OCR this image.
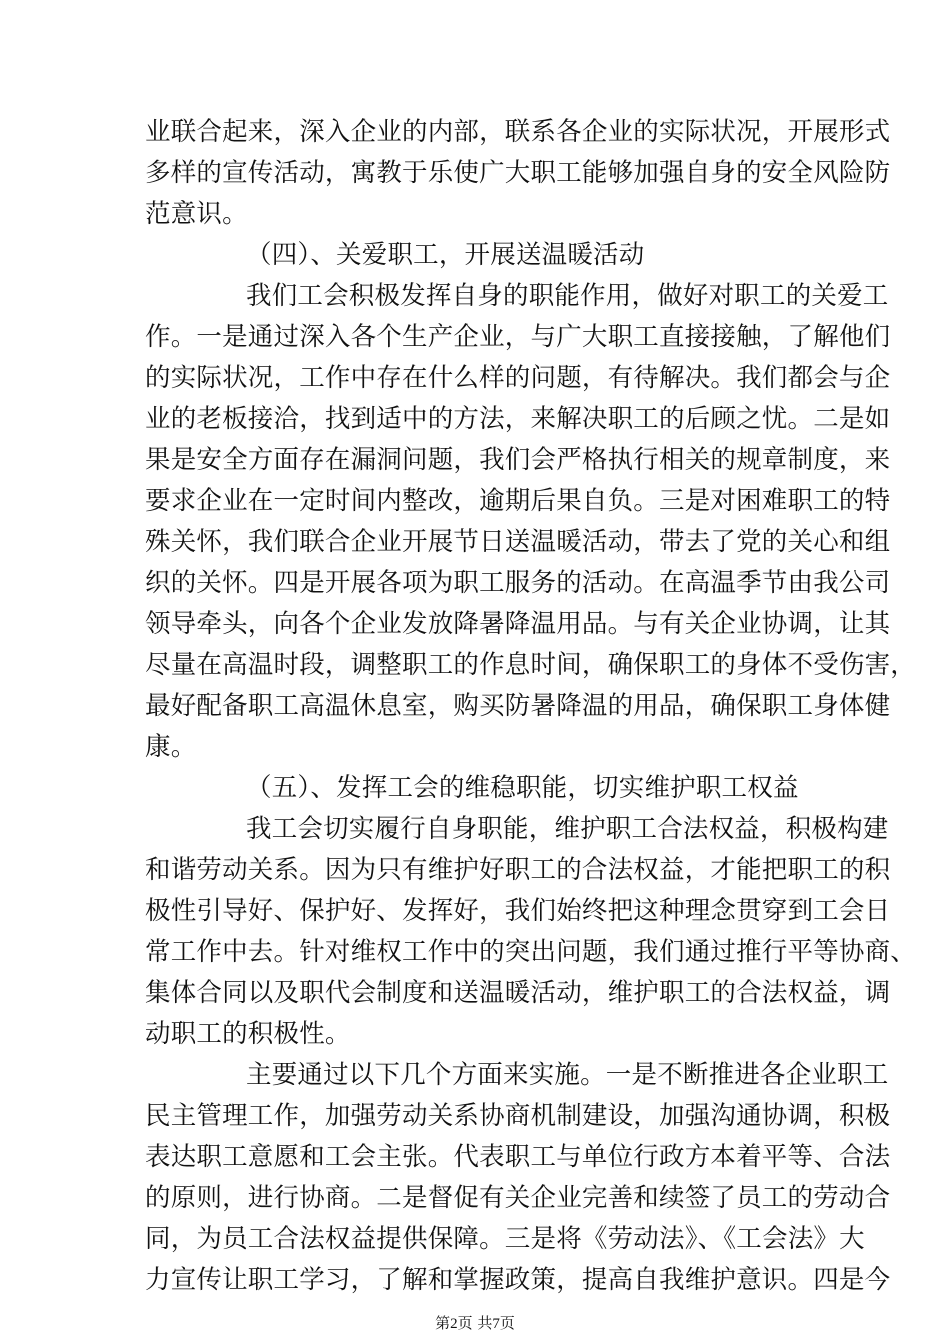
业联合起来，深入企业的内部，联系各企业的实际状况，开展形式
多样的宣传活动，寓教于乐使广大职工能够加强自身的安全风险防
范意识。
（四）、关爱职工，开展送温暖活动
我们工会积极发挥自身的职能作用，做好对职工的关爱工
作。一是通过深入各个生产企业，与广大职工直接接触，了解他们
的实际状况，工作中存在什么样的问题，有待解决。我们都会与企
业的老板接洽，找到适中的方法，来解决职工的后顾之忧。二是如
果是安全方面存在漏洞问题，我们会严格执行相关的规章制度，来
要求企业在一定时间内整改，逾期后果自负。三是对困难职工的特
殊关怀，我们联合企业开展节日送温暖活动，带去了党的关心和组
织的关怀。四是开展各项为职工服务的活动。在高温季节由我公司
领导牵头，向各个企业发放降暑降温用品。与有关企业协调，让其
尽量在高温时段，调整职工的作息时间，确保职工的身体不受伤害，
最好配备职工高温休息室，购买防暑降温的用品，确保职工身体健
康。
（五）、发挥工会的维稳职能，切实维护职工权益
我工会切实履行自身职能，维护职工合法权益，积极构建
和谐劳动关系。因为只有维护好职工的合法权益，才能把职工的积
极性引导好、保护好、发挥好，我们始终把这种理念贯穿到工会日
常工作中去。针对维权工作中的突出问题，我们通过推行平等协商、
集体合同以及职代会制度和送温暖活动，维护职工的合法权益，调
动职工的积极性。
主要通过以下几个方面来实施。一是不断推进各企业职工
民主管理工作，加强劳动关系协商机制建设，加强沟通协调，积极
表达职工意愿和工会主张。代表职工与单位行政方本着平等、合法
的原则，进行协商。二是督促有关企业完善和续签了员工的劳动合
同，为员工合法权益提供保障。三是将《劳动法》、《工会法》大
力宣传让职工学习，了解和掌握政策，提高自我维护意识。四是今
第2页 共7页
